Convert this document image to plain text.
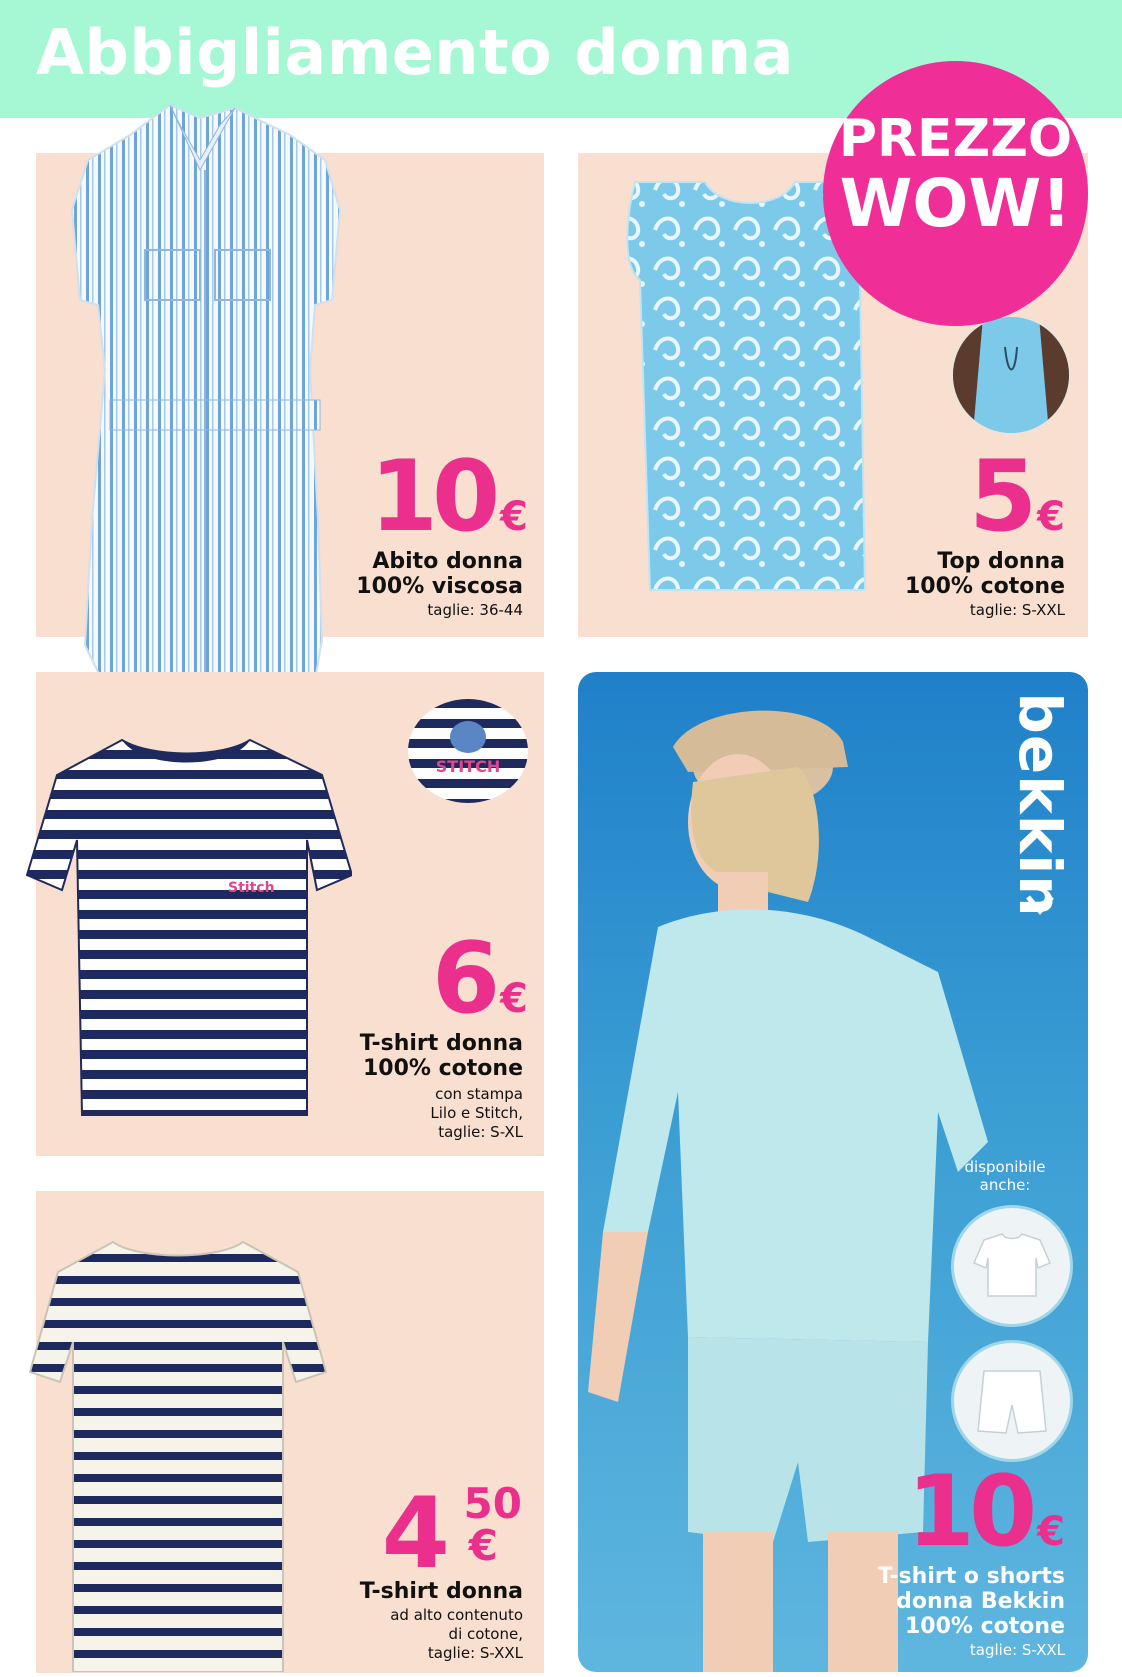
Abbigliamento donna
10 €
Abito donna
100% viscosa
taglie: 36-44
5 €
Top donna
100% cotone
taglie: S-XXL
PREZZO
WOW!
Stitch
STITCH
6 €
T-shirt donna
100% cotone
con stampa
Lilo e Stitch,
taglie: S-XL
4 50
€
T-shirt donna
ad alto contenuto
di cotone,
taglie: S-XXL
bekkin
disponibile
anche:
10 €
T-shirt o shorts
donna Bekkin
100% cotone
taglie: S-XXL
